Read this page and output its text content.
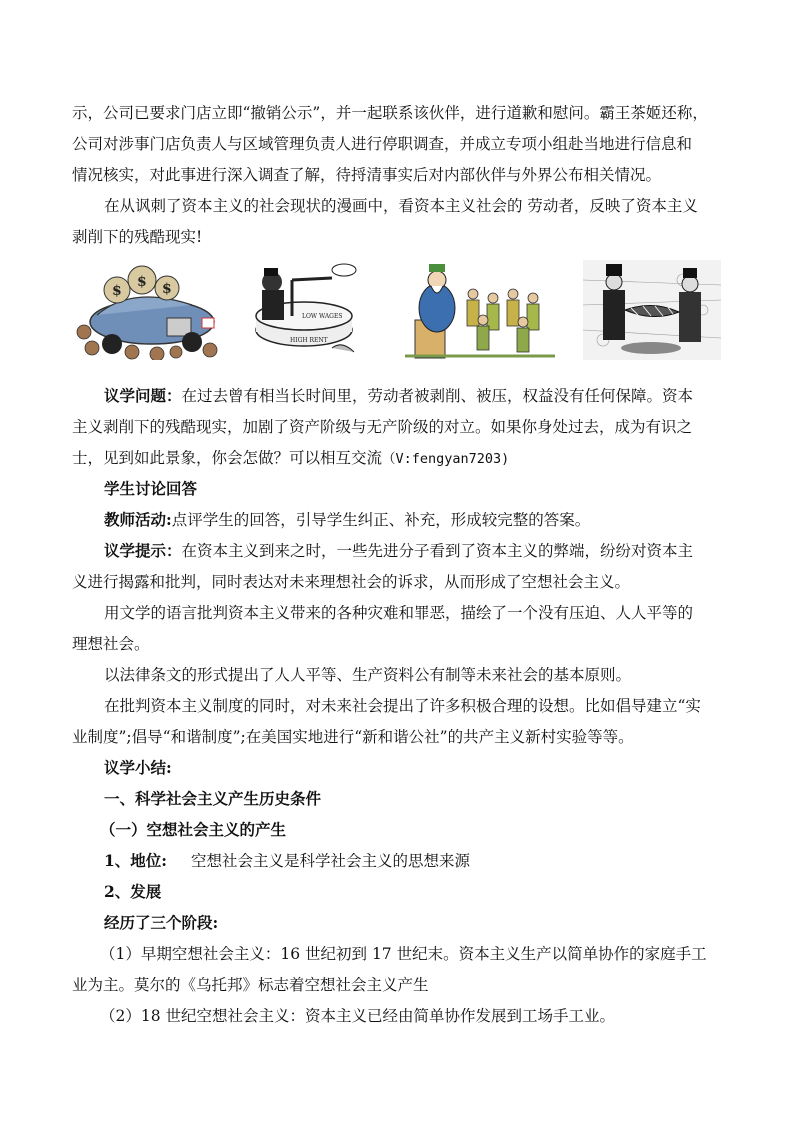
示，公司已要求门店立即“撤销公示”，并一起联系该伙伴，进行道歉和慰问。霸王茶姬还称，
公司对涉事门店负责人与区域管理负责人进行停职调查，并成立专项小组赴当地进行信息和
情况核实，对此事进行深入调查了解，待捋清事实后对内部伙伴与外界公布相关情况。
在从讽刺了资本主义的社会现状的漫画中，看资本主义社会的 劳动者，反映了资本主义
剥削下的残酷现实!
$
$ $
LOW WAGES
HIGH RENT
议学问题：在过去曾有相当长时间里，劳动者被剥削、被压，权益没有任何保障。资本
主义剥削下的残酷现实，加剧了资产阶级与无产阶级的对立。如果你身处过去，成为有识之
士，见到如此景象，你会怎做？可以相互交流（V:fengyan7203)
学生讨论回答
教师活动:点评学生的回答，引导学生纠正、补充，形成较完整的答案。
议学提示：在资本主义到来之时，一些先进分子看到了资本主义的弊端，纷纷对资本主
义进行揭露和批判，同时表达对未来理想社会的诉求，从而形成了空想社会主义。
用文学的语言批判资本主义带来的各种灾难和罪恶，描绘了一个没有压迫、人人平等的
理想社会。
以法律条文的形式提出了人人平等、生产资料公有制等未来社会的基本原则。
在批判资本主义制度的同时，对未来社会提出了许多积极合理的设想。比如倡导建立“实
业制度”;倡导“和谐制度”;在美国实地进行“新和谐公社”的共产主义新村实验等等。
议学小结:
一、科学社会主义产生历史条件
（一）空想社会主义的产生
1、地位: 空想社会主义是科学社会主义的思想来源
2、发展
经历了三个阶段:
（1）早期空想社会主义：16 世纪初到 17 世纪末。资本主义生产以简单协作的家庭手工
业为主。莫尔的《乌托邦》标志着空想社会主义产生
（2）18 世纪空想社会主义：资本主义已经由简单协作发展到工场手工业。
